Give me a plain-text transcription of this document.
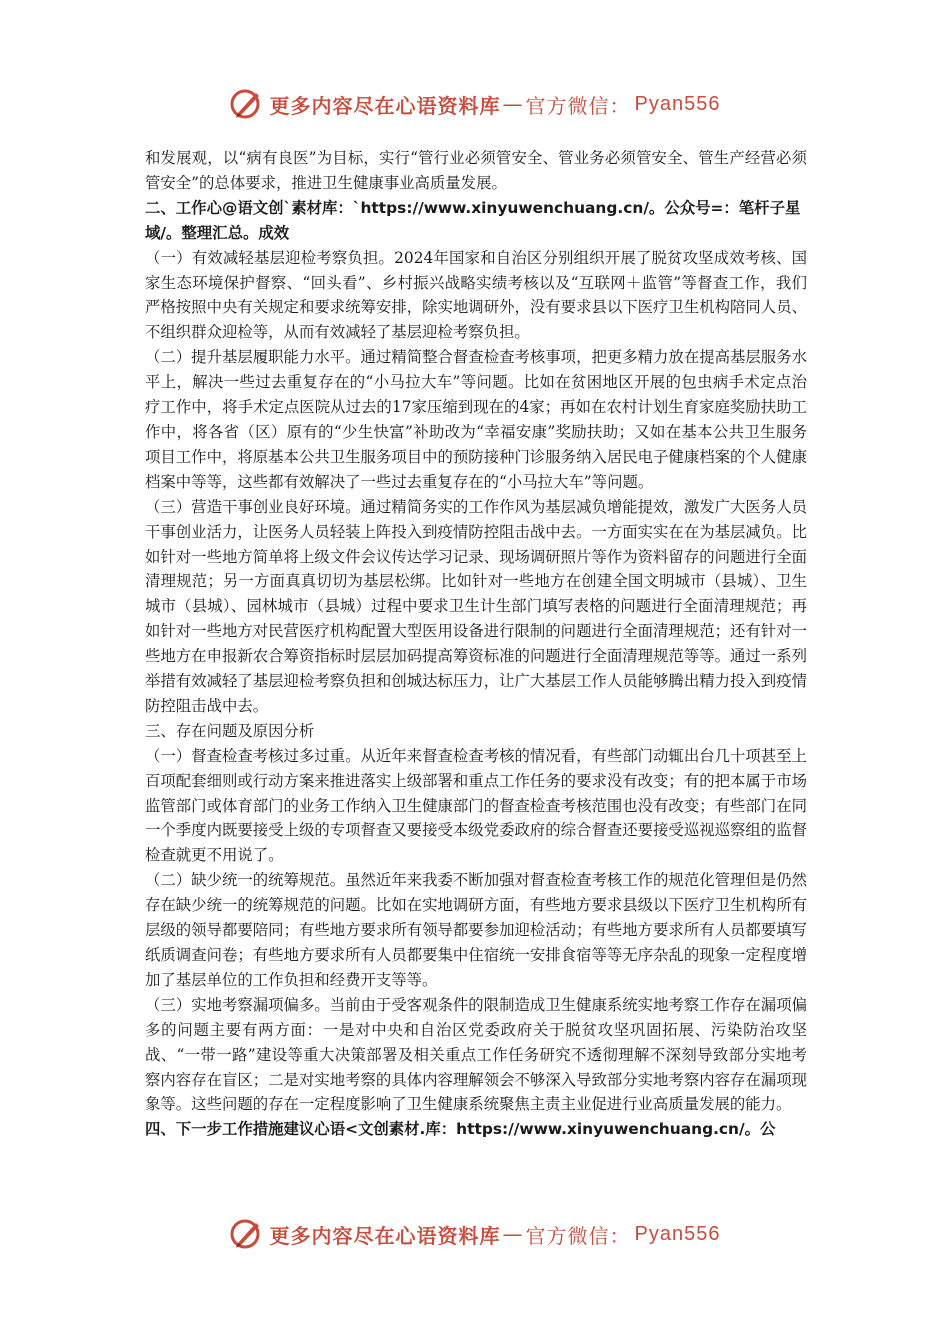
更多内容尽在心语资料库 — 官方微信： Pyan556

和发展观，以“病有良医”为目标，实行“管行业必须管安全、管业务必须管安全、管生产经营必须管安全”的总体要求，推进卫生健康事业高质量发展。

二、工作心@语文创`素材库：`https://www.xinyuwenchuang.cn/。公众号=：笔杆子星域/。整理汇总。成效

（一）有效减轻基层迎检考察负担。2024年国家和自治区分别组织开展了脱贫攻坚成效考核、国家生态环境保护督察、“回头看”、乡村振兴战略实绩考核以及“互联网＋监管”等督查工作，我们严格按照中央有关规定和要求统筹安排，除实地调研外，没有要求县以下医疗卫生机构陪同人员、不组织群众迎检等，从而有效减轻了基层迎检考察负担。

（二）提升基层履职能力水平。通过精简整合督查检查考核事项，把更多精力放在提高基层服务水平上，解决一些过去重复存在的“小马拉大车”等问题。比如在贫困地区开展的包虫病手术定点治疗工作中，将手术定点医院从过去的17家压缩到现在的4家；再如在农村计划生育家庭奖励扶助工作中，将各省（区）原有的“少生快富”补助改为“幸福安康”奖励扶助；又如在基本公共卫生服务项目工作中，将原基本公共卫生服务项目中的预防接种门诊服务纳入居民电子健康档案的个人健康档案中等等，这些都有效解决了一些过去重复存在的“小马拉大车”等问题。

（三）营造干事创业良好环境。通过精简务实的工作作风为基层减负增能提效，激发广大医务人员干事创业活力，让医务人员轻装上阵投入到疫情防控阻击战中去。一方面实实在在为基层减负。比如针对一些地方简单将上级文件会议传达学习记录、现场调研照片等作为资料留存的问题进行全面清理规范；另一方面真真切切为基层松绑。比如针对一些地方在创建全国文明城市（县城）、卫生城市（县城）、园林城市（县城）过程中要求卫生计生部门填写表格的问题进行全面清理规范；再如针对一些地方对民营医疗机构配置大型医用设备进行限制的问题进行全面清理规范；还有针对一些地方在申报新农合筹资指标时层层加码提高筹资标准的问题进行全面清理规范等等。通过一系列举措有效减轻了基层迎检考察负担和创城达标压力，让广大基层工作人员能够腾出精力投入到疫情防控阻击战中去。

三、存在问题及原因分析

（一）督查检查考核过多过重。从近年来督查检查考核的情况看，有些部门动辄出台几十项甚至上百项配套细则或行动方案来推进落实上级部署和重点工作任务的要求没有改变；有的把本属于市场监管部门或体育部门的业务工作纳入卫生健康部门的督查检查考核范围也没有改变；有些部门在同一个季度内既要接受上级的专项督查又要接受本级党委政府的综合督查还要接受巡视巡察组的监督检查就更不用说了。

（二）缺少统一的统筹规范。虽然近年来我委不断加强对督查检查考核工作的规范化管理但是仍然存在缺少统一的统筹规范的问题。比如在实地调研方面，有些地方要求县级以下医疗卫生机构所有层级的领导都要陪同；有些地方要求所有领导都要参加迎检活动；有些地方要求所有人员都要填写纸质调查问卷；有些地方要求所有人员都要集中住宿统一安排食宿等等无序杂乱的现象一定程度增加了基层单位的工作负担和经费开支等等。

（三）实地考察漏项偏多。当前由于受客观条件的限制造成卫生健康系统实地考察工作存在漏项偏多的问题主要有两方面：一是对中央和自治区党委政府关于脱贫攻坚巩固拓展、污染防治攻坚战、“一带一路”建设等重大决策部署及相关重点工作任务研究不透彻理解不深刻导致部分实地考察内容存在盲区；二是对实地考察的具体内容理解领会不够深入导致部分实地考察内容存在漏项现象等。这些问题的存在一定程度影响了卫生健康系统聚焦主责主业促进行业高质量发展的能力。

四、下一步工作措施建议心语<文创素材.库：https://www.xinyuwenchuang.cn/。公

更多内容尽在心语资料库 — 官方微信： Pyan556
